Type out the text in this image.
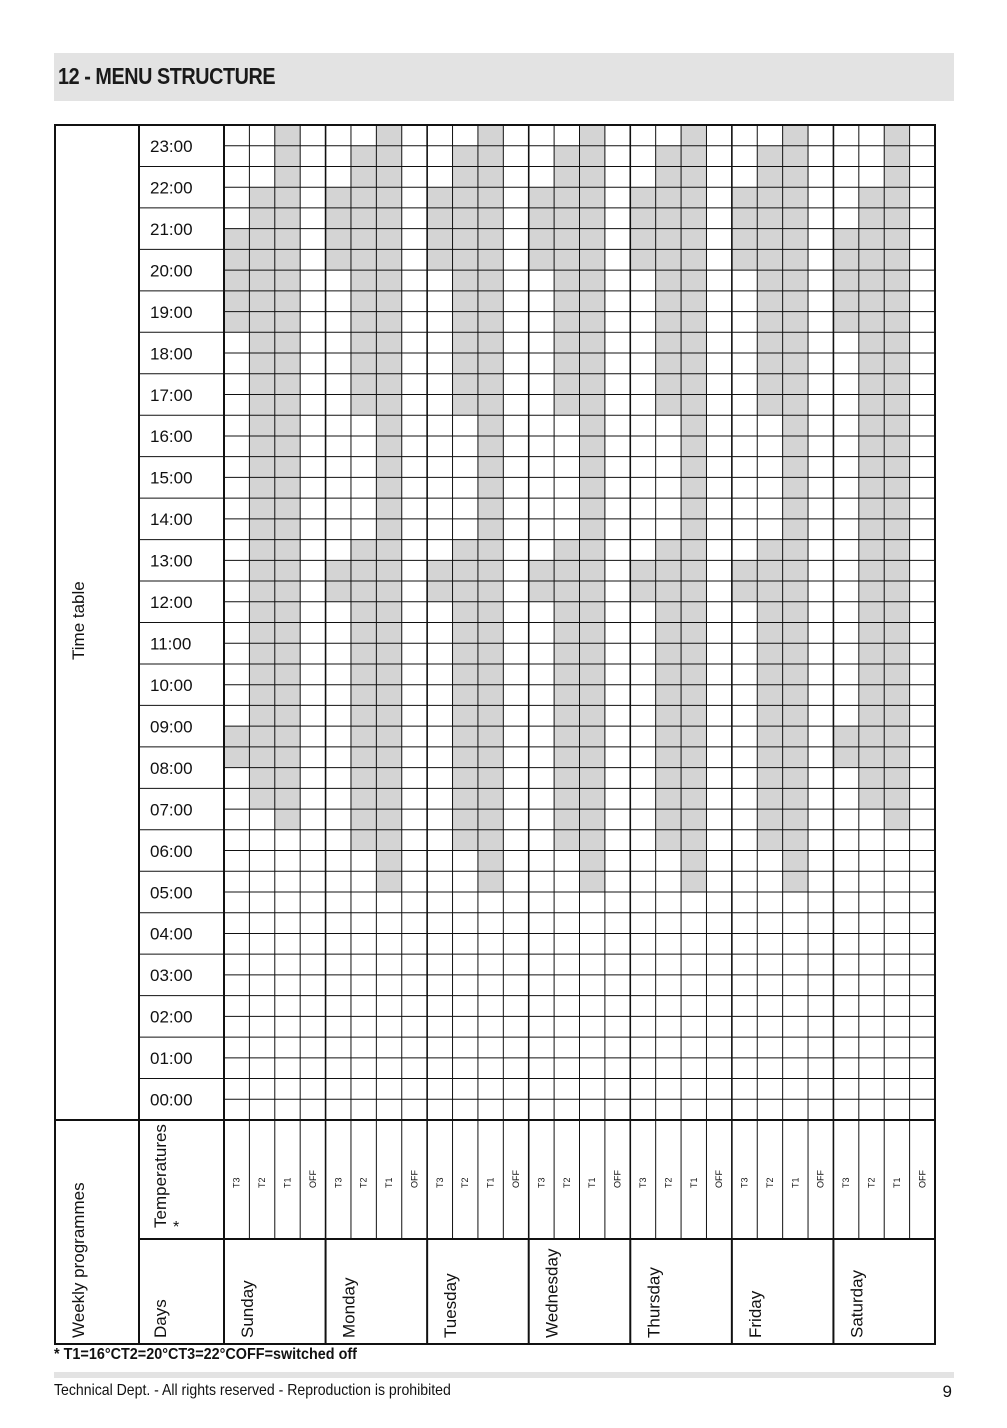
12 - MENU STRUCTURE
23:00
22:00
21:00
20:00
19:00
18:00
17:00
16:00
15:00
14:00
13:00
12:00
11:00
10:00
09:00
08:00
07:00
06:00
05:00
04:00
03:00
02:00
01:00
00:00
T3 T2 T1 OFF
Sunday
T3 T2 T1 OFF
Monday
T3 T2 T1 OFF
Tuesday
T3 T2 T1 OFF
Wednesday
T3 T2 T1 OFF
Thursday
T3 T2 T1 OFF
Friday
T3 T2 T1 OFF
Saturday
Time table
Weekly programmes
Temperatures *
Days
* T1=16°CT2=20°CT3=22°COFF=switched off
Technical Dept. - All rights reserved - Reproduction is prohibited	9
